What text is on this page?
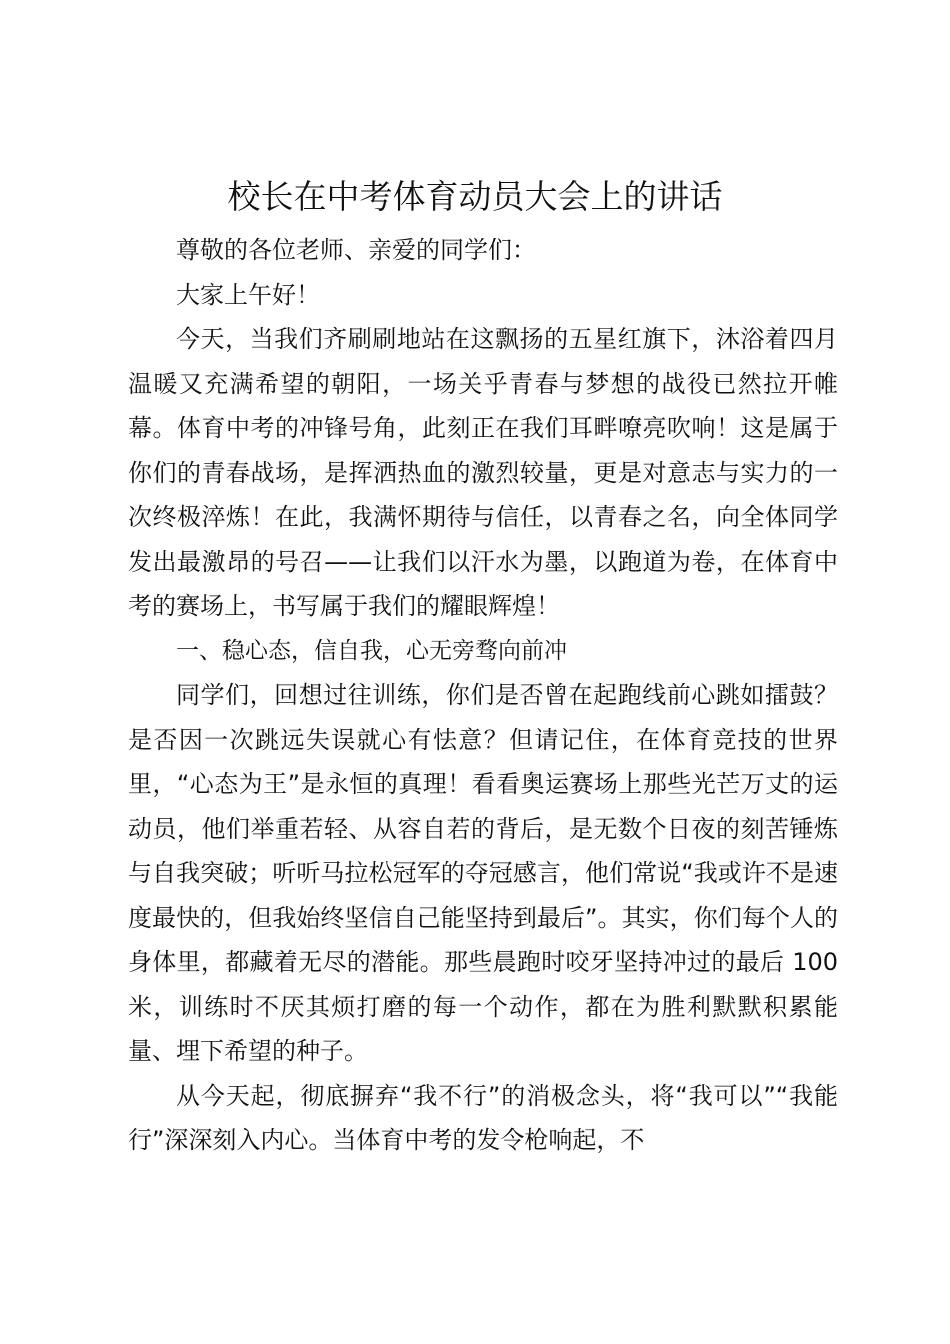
校长在中考体育动员大会上的讲话

尊敬的各位老师、亲爱的同学们：

大家上午好！

今天，当我们齐刷刷地站在这飘扬的五星红旗下，沐浴着四月温暖又充满希望的朝阳，一场关乎青春与梦想的战役已然拉开帷幕。体育中考的冲锋号角，此刻正在我们耳畔嘹亮吹响！这是属于你们的青春战场，是挥洒热血的激烈较量，更是对意志与实力的一次终极淬炼！在此，我满怀期待与信任，以青春之名，向全体同学发出最激昂的号召——让我们以汗水为墨，以跑道为卷，在体育中考的赛场上，书写属于我们的耀眼辉煌！

一、稳心态，信自我，心无旁骛向前冲

同学们，回想过往训练，你们是否曾在起跑线前心跳如擂鼓？是否因一次跳远失误就心有怯意？但请记住，在体育竞技的世界里，“心态为王”是永恒的真理！看看奥运赛场上那些光芒万丈的运动员，他们举重若轻、从容自若的背后，是无数个日夜的刻苦锤炼与自我突破；听听马拉松冠军的夺冠感言，他们常说“我或许不是速度最快的，但我始终坚信自己能坚持到最后”。其实，你们每个人的身体里，都藏着无尽的潜能。那些晨跑时咬牙坚持冲过的最后 100 米，训练时不厌其烦打磨的每一个动作，都在为胜利默默积累能量、埋下希望的种子。

从今天起，彻底摒弃“我不行”的消极念头，将“我可以”“我能行”深深刻入内心。当体育中考的发令枪响起，不
